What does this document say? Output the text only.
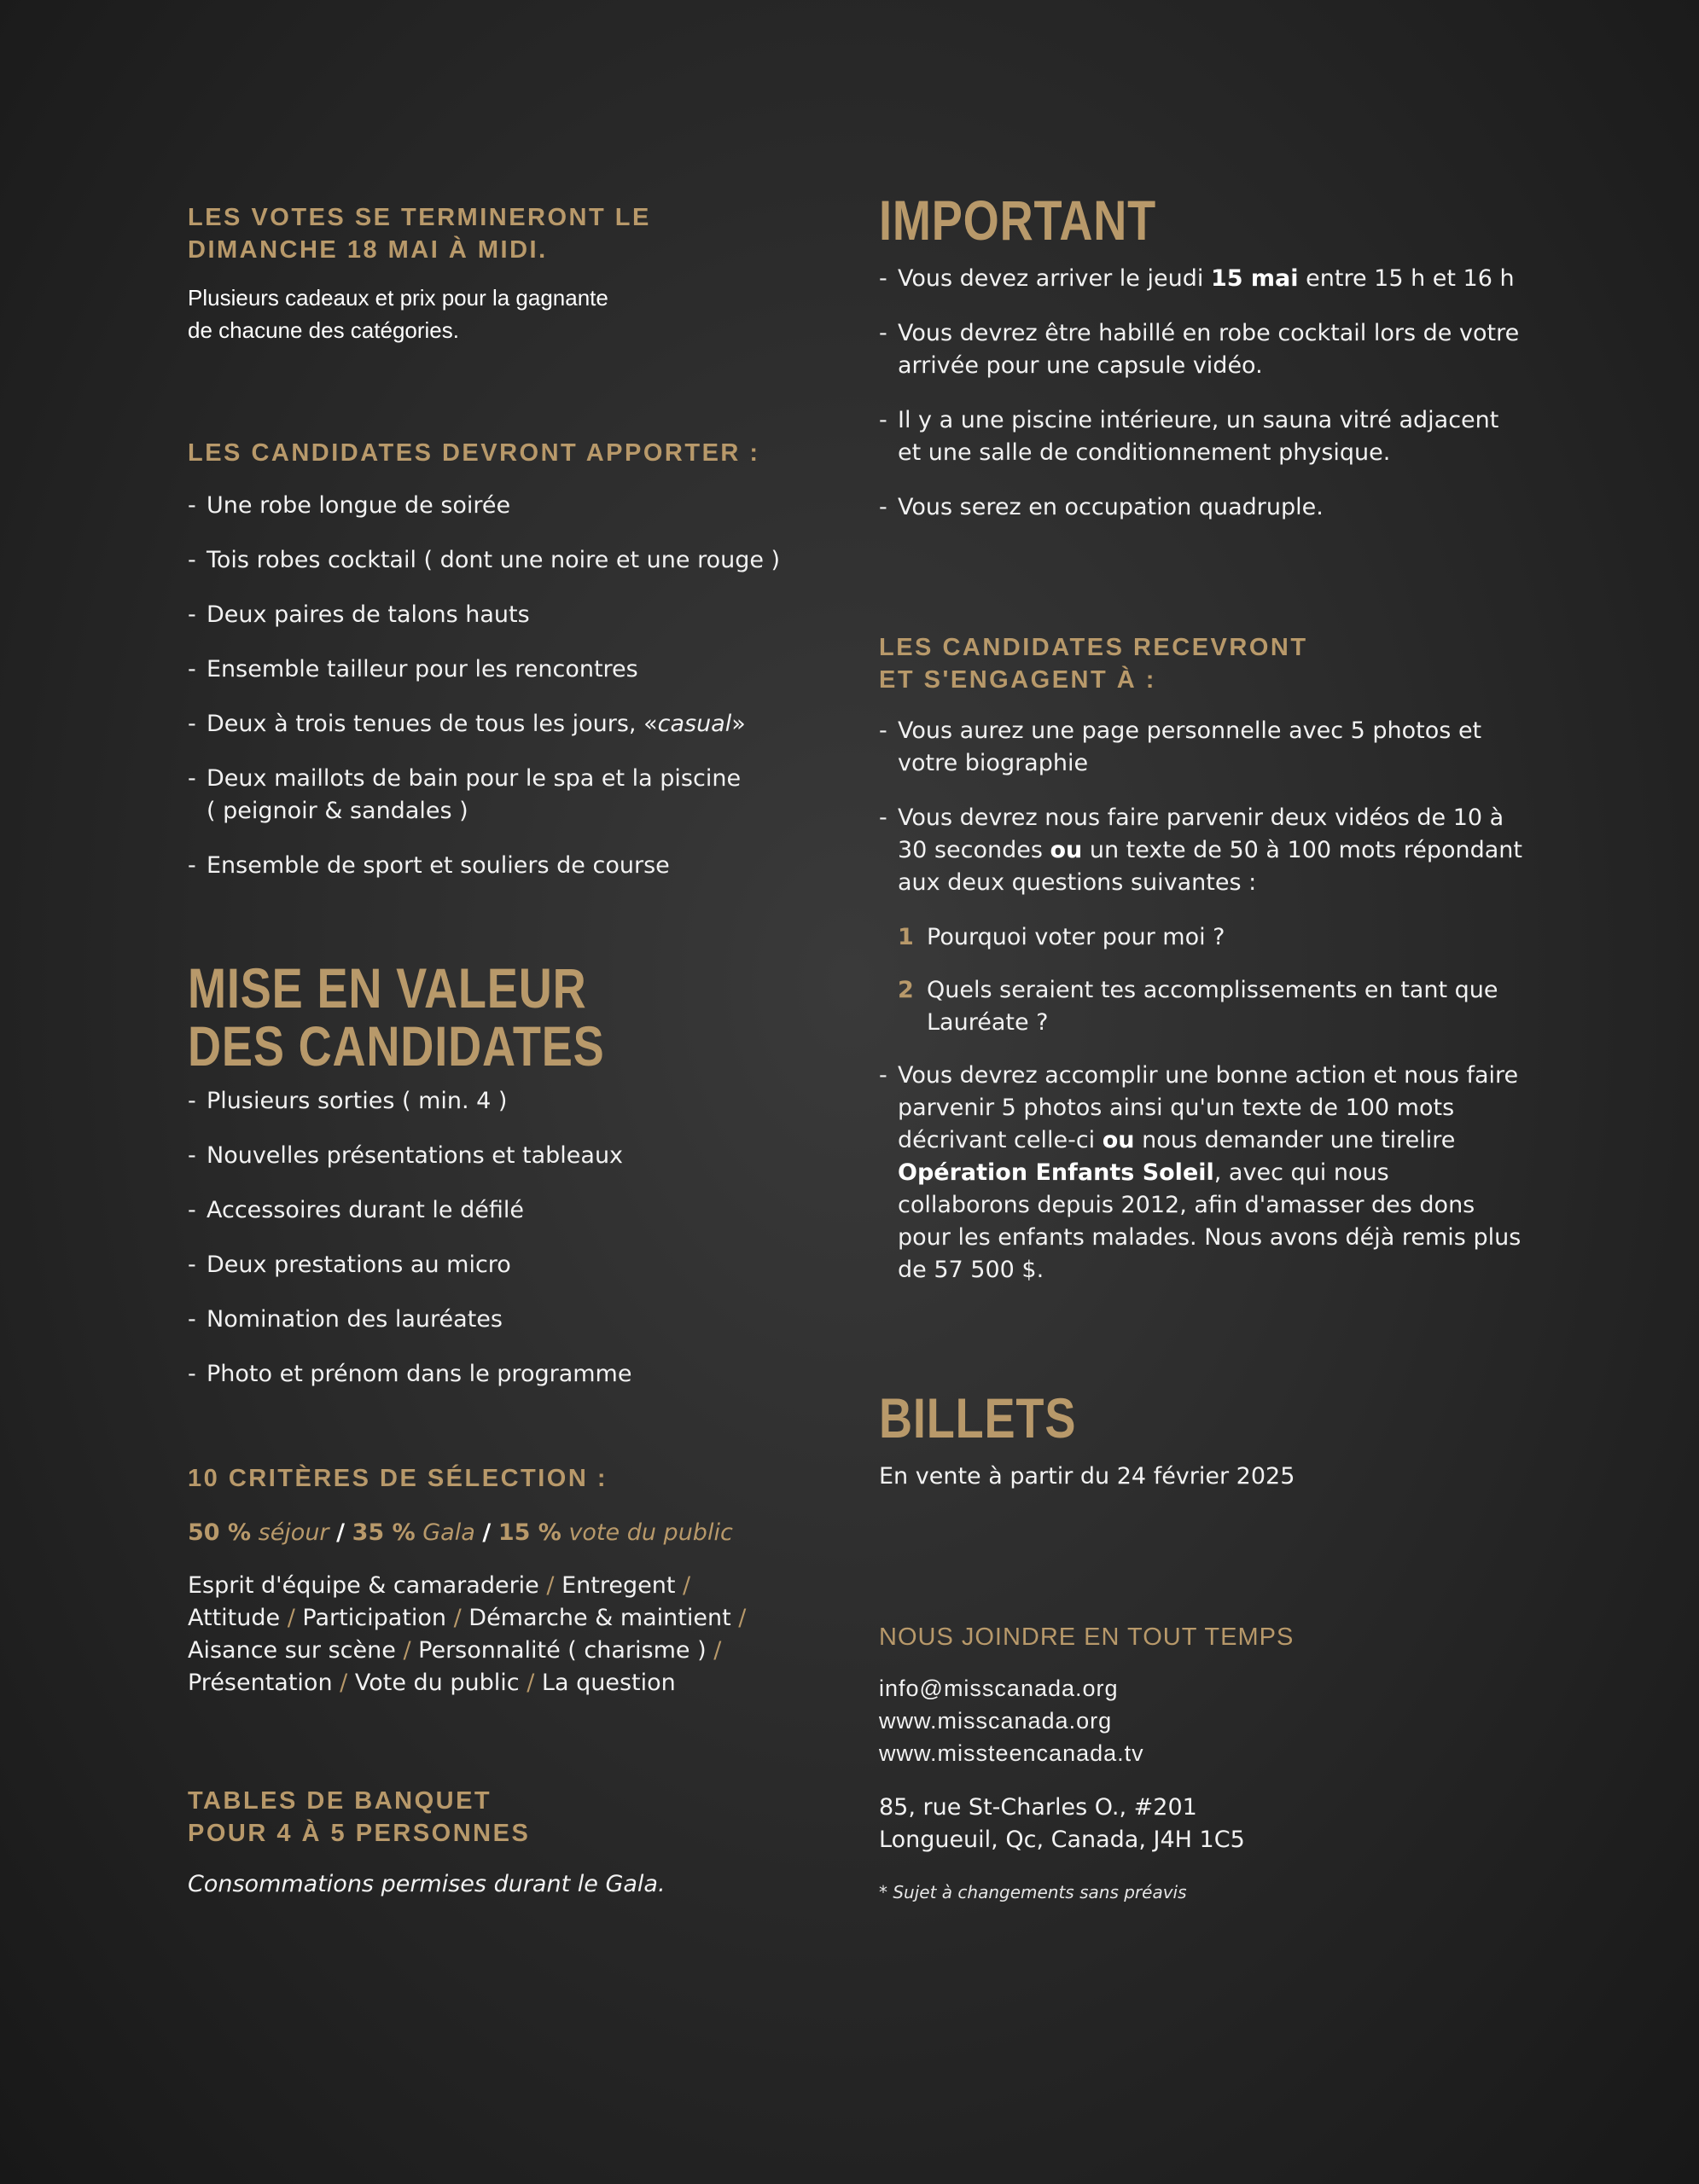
LES VOTES SE TERMINERONT LE
DIMANCHE 18 MAI À MIDI.
Plusieurs cadeaux et prix pour la gagnante
de chacune des catégories.
LES CANDIDATES DEVRONT APPORTER :
- Une robe longue de soirée
- Tois robes cocktail ( dont une noire et une rouge )
- Deux paires de talons hauts
- Ensemble tailleur pour les rencontres
- Deux à trois tenues de tous les jours, «casual»
- Deux maillots de bain pour le spa et la piscine
( peignoir & sandales )
- Ensemble de sport et souliers de course
MISE EN VALEUR
DES CANDIDATES
- Plusieurs sorties ( min. 4 )
- Nouvelles présentations et tableaux
- Accessoires durant le défilé
- Deux prestations au micro
- Nomination des lauréates
- Photo et prénom dans le programme
10 CRITÈRES DE SÉLECTION :
50 % séjour / 35 % Gala / 15 % vote du public
Esprit d'équipe & camaraderie / Entregent /
Attitude / Participation / Démarche & maintient /
Aisance sur scène / Personnalité ( charisme ) /
Présentation / Vote du public / La question
TABLES DE BANQUET
POUR 4 À 5 PERSONNES
Consommations permises durant le Gala.
IMPORTANT
- Vous devez arriver le jeudi 15 mai entre 15 h et 16 h
- Vous devrez être habillé en robe cocktail lors de votre arrivée pour une capsule vidéo.
- Il y a une piscine intérieure, un sauna vitré adjacent et une salle de conditionnement physique.
- Vous serez en occupation quadruple.
LES CANDIDATES RECEVRONT
ET S'ENGAGENT À :
- Vous aurez une page personnelle avec 5 photos et votre biographie
- Vous devrez nous faire parvenir deux vidéos de 10 à 30 secondes ou un texte de 50 à 100 mots répondant aux deux questions suivantes :
1 Pourquoi voter pour moi ?
2 Quels seraient tes accomplissements en tant que Lauréate ?
- Vous devrez accomplir une bonne action et nous faire parvenir 5 photos ainsi qu'un texte de 100 mots décrivant celle-ci ou nous demander une tirelire Opération Enfants Soleil, avec qui nous collaborons depuis 2012, afin d'amasser des dons pour les enfants malades. Nous avons déjà remis plus de 57 500 $.
BILLETS
En vente à partir du 24 février 2025
NOUS JOINDRE EN TOUT TEMPS
info@misscanada.org
www.misscanada.org
www.missteencanada.tv
85, rue St-Charles O., #201
Longueuil, Qc, Canada, J4H 1C5
* Sujet à changements sans préavis
